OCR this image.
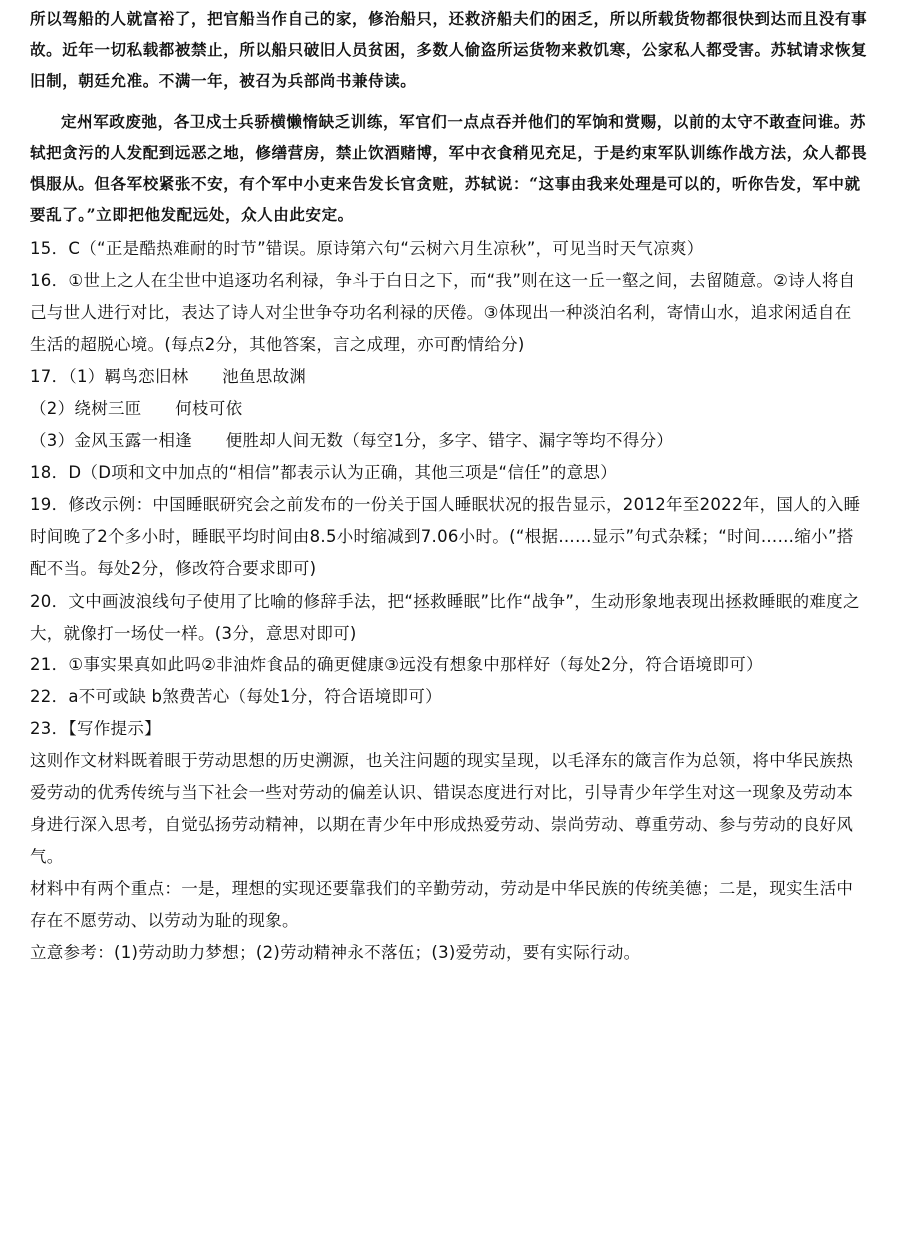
所以驾船的人就富裕了，把官船当作自己的家，修治船只，还救济船夫们的困乏，所以所载货物都很快到达而且没有事故。近年一切私载都被禁止，所以船只破旧人员贫困，多数人偷盗所运货物来救饥寒，公家私人都受害。苏轼请求恢复旧制，朝廷允准。不满一年，被召为兵部尚书兼侍读。

定州军政废弛，各卫戍士兵骄横懒惰缺乏训练，军官们一点点吞并他们的军饷和赏赐，以前的太守不敢查问谁。苏轼把贪污的人发配到远恶之地，修缮营房，禁止饮酒赌博，军中衣食稍见充足，于是约束军队训练作战方法，众人都畏惧服从。但各军校紧张不安，有个军中小吏来告发长官贪赃，苏轼说：“这事由我来处理是可以的，听你告发，军中就要乱了。”立即把他发配远处，众人由此安定。

15．C（“正是酷热难耐的时节”错误。原诗第六句“云树六月生凉秋”，可见当时天气凉爽）

16．①世上之人在尘世中追逐功名利禄，争斗于白日之下，而“我”则在这一丘一壑之间，去留随意。②诗人将自己与世人进行对比，表达了诗人对尘世争夺功名利禄的厌倦。③体现出一种淡泊名利，寄情山水，追求闲适自在生活的超脱心境。(每点2分，其他答案，言之成理，亦可酌情给分)

17．（1）羁鸟恋旧林　　池鱼思故渊

（2）绕树三匝　　何枝可依

（3）金风玉露一相逢　　便胜却人间无数（每空1分，多字、错字、漏字等均不得分）

18．D（D项和文中加点的“相信”都表示认为正确，其他三项是“信任”的意思）

19．修改示例：中国睡眠研究会之前发布的一份关于国人睡眠状况的报告显示，2012年至2022年，国人的入睡时间晚了2个多小时，睡眠平均时间由8.5小时缩减到7.06小时。(“根据……显示”句式杂糅；“时间……缩小”搭配不当。每处2分，修改符合要求即可)

20．文中画波浪线句子使用了比喻的修辞手法，把“拯救睡眠”比作“战争”，生动形象地表现出拯救睡眠的难度之大，就像打一场仗一样。(3分，意思对即可)

21．①事实果真如此吗②非油炸食品的确更健康③远没有想象中那样好（每处2分，符合语境即可）

22．a不可或缺 b煞费苦心（每处1分，符合语境即可）

23．【写作提示】

这则作文材料既着眼于劳动思想的历史溯源，也关注问题的现实呈现，以毛泽东的箴言作为总领，将中华民族热爱劳动的优秀传统与当下社会一些对劳动的偏差认识、错误态度进行对比，引导青少年学生对这一现象及劳动本身进行深入思考，自觉弘扬劳动精神，以期在青少年中形成热爱劳动、崇尚劳动、尊重劳动、参与劳动的良好风气。

材料中有两个重点：一是，理想的实现还要靠我们的辛勤劳动，劳动是中华民族的传统美德；二是，现实生活中存在不愿劳动、以劳动为耻的现象。

立意参考：(1)劳动助力梦想；(2)劳动精神永不落伍；(3)爱劳动，要有实际行动。
